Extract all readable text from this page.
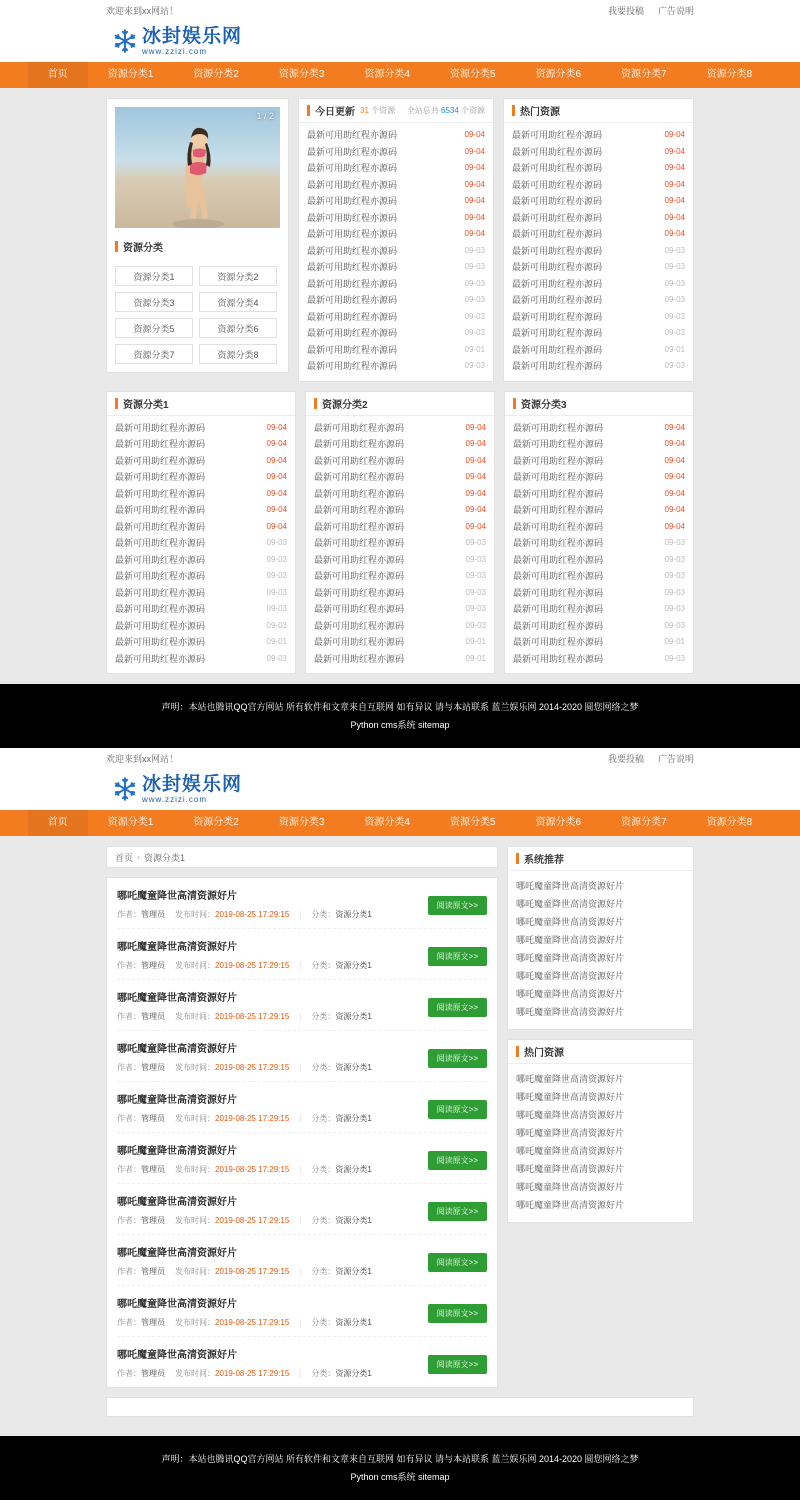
欢迎来到xx网站！	我要投稿 广告说明
冰封娱乐网
www.zzizi.com
首页	资源分类1	资源分类2	资源分类3	资源分类4	资源分类5	资源分类6	资源分类7	资源分类8
1 / 2
资源分类
资源分类1	资源分类2
资源分类3	资源分类4
资源分类5	资源分类6
资源分类7	资源分类8
今日更新 31 个资源 全站总共 6534 个资源
最新可用助红程亦源码	09-04
最新可用助红程亦源码	09-04
最新可用助红程亦源码	09-04
最新可用助红程亦源码	09-04
最新可用助红程亦源码	09-04
最新可用助红程亦源码	09-04
最新可用助红程亦源码	09-04
最新可用助红程亦源码	09-03
最新可用助红程亦源码	09-03
最新可用助红程亦源码	09-03
最新可用助红程亦源码	09-03
最新可用助红程亦源码	09-03
最新可用助红程亦源码	09-03
最新可用助红程亦源码	09-01
最新可用助红程亦源码	09-03
热门资源
最新可用助红程亦源码	09-04
最新可用助红程亦源码	09-04
最新可用助红程亦源码	09-04
最新可用助红程亦源码	09-04
最新可用助红程亦源码	09-04
最新可用助红程亦源码	09-04
最新可用助红程亦源码	09-04
最新可用助红程亦源码	09-03
最新可用助红程亦源码	09-03
最新可用助红程亦源码	09-03
最新可用助红程亦源码	09-03
最新可用助红程亦源码	09-03
最新可用助红程亦源码	09-03
最新可用助红程亦源码	09-01
最新可用助红程亦源码	09-03
资源分类1
最新可用助红程亦源码	09-04
最新可用助红程亦源码	09-04
最新可用助红程亦源码	09-04
最新可用助红程亦源码	09-04
最新可用助红程亦源码	09-04
最新可用助红程亦源码	09-04
最新可用助红程亦源码	09-04
最新可用助红程亦源码	09-03
最新可用助红程亦源码	09-03
最新可用助红程亦源码	09-03
最新可用助红程亦源码	09-03
最新可用助红程亦源码	09-03
最新可用助红程亦源码	09-03
最新可用助红程亦源码	09-01
最新可用助红程亦源码	09-03
资源分类2
最新可用助红程亦源码	09-04
最新可用助红程亦源码	09-04
最新可用助红程亦源码	09-04
最新可用助红程亦源码	09-04
最新可用助红程亦源码	09-04
最新可用助红程亦源码	09-04
最新可用助红程亦源码	09-04
最新可用助红程亦源码	09-03
最新可用助红程亦源码	09-03
最新可用助红程亦源码	09-03
最新可用助红程亦源码	09-03
最新可用助红程亦源码	09-03
最新可用助红程亦源码	09-03
最新可用助红程亦源码	09-01
最新可用助红程亦源码	09-01
资源分类3
最新可用助红程亦源码	09-04
最新可用助红程亦源码	09-04
最新可用助红程亦源码	09-04
最新可用助红程亦源码	09-04
最新可用助红程亦源码	09-04
最新可用助红程亦源码	09-04
最新可用助红程亦源码	09-04
最新可用助红程亦源码	09-03
最新可用助红程亦源码	09-03
最新可用助红程亦源码	09-03
最新可用助红程亦源码	09-03
最新可用助红程亦源码	09-03
最新可用助红程亦源码	09-03
最新可用助红程亦源码	09-01
最新可用助红程亦源码	09-03
声明：本站也腾讯QQ官方网站 所有软件和文章来自互联网 如有异议 请与本站联系 蓝兰娱乐网 2014-2020 圆您网络之梦
Python cms系统 sitemap
欢迎来到xx网站！	我要投稿 广告说明
冰封娱乐网
www.zzizi.com
首页	资源分类1	资源分类2	资源分类3	资源分类4	资源分类5	资源分类6	资源分类7	资源分类8
首页 › 资源分类1
哪吒魔童降世高清资源好片
作者：管理员 发布时间：2019-08-25 17:29:15 | 分类：资源分类1
阅读原文>>
哪吒魔童降世高清资源好片
作者：管理员 发布时间：2019-08-25 17:29:15 | 分类：资源分类1
阅读原文>>
哪吒魔童降世高清资源好片
作者：管理员 发布时间：2019-08-25 17:29:15 | 分类：资源分类1
阅读原文>>
哪吒魔童降世高清资源好片
作者：管理员 发布时间：2019-08-25 17:29:15 | 分类：资源分类1
阅读原文>>
哪吒魔童降世高清资源好片
作者：管理员 发布时间：2019-08-25 17:29:15 | 分类：资源分类1
阅读原文>>
哪吒魔童降世高清资源好片
作者：管理员 发布时间：2019-08-25 17:29:15 | 分类：资源分类1
阅读原文>>
哪吒魔童降世高清资源好片
作者：管理员 发布时间：2019-08-25 17:29:15 | 分类：资源分类1
阅读原文>>
哪吒魔童降世高清资源好片
作者：管理员 发布时间：2019-08-25 17:29:15 | 分类：资源分类1
阅读原文>>
哪吒魔童降世高清资源好片
作者：管理员 发布时间：2019-08-25 17:29:15 | 分类：资源分类1
阅读原文>>
哪吒魔童降世高清资源好片
作者：管理员 发布时间：2019-08-25 17:29:15 | 分类：资源分类1
阅读原文>>
系统推荐
哪吒魔童降世高清资源好片
哪吒魔童降世高清资源好片
哪吒魔童降世高清资源好片
哪吒魔童降世高清资源好片
哪吒魔童降世高清资源好片
哪吒魔童降世高清资源好片
哪吒魔童降世高清资源好片
哪吒魔童降世高清资源好片
热门资源
哪吒魔童降世高清资源好片
哪吒魔童降世高清资源好片
哪吒魔童降世高清资源好片
哪吒魔童降世高清资源好片
哪吒魔童降世高清资源好片
哪吒魔童降世高清资源好片
哪吒魔童降世高清资源好片
哪吒魔童降世高清资源好片
声明：本站也腾讯QQ官方网站 所有软件和文章来自互联网 如有异议 请与本站联系 蓝兰娱乐网 2014-2020 圆您网络之梦
Python cms系统 sitemap
